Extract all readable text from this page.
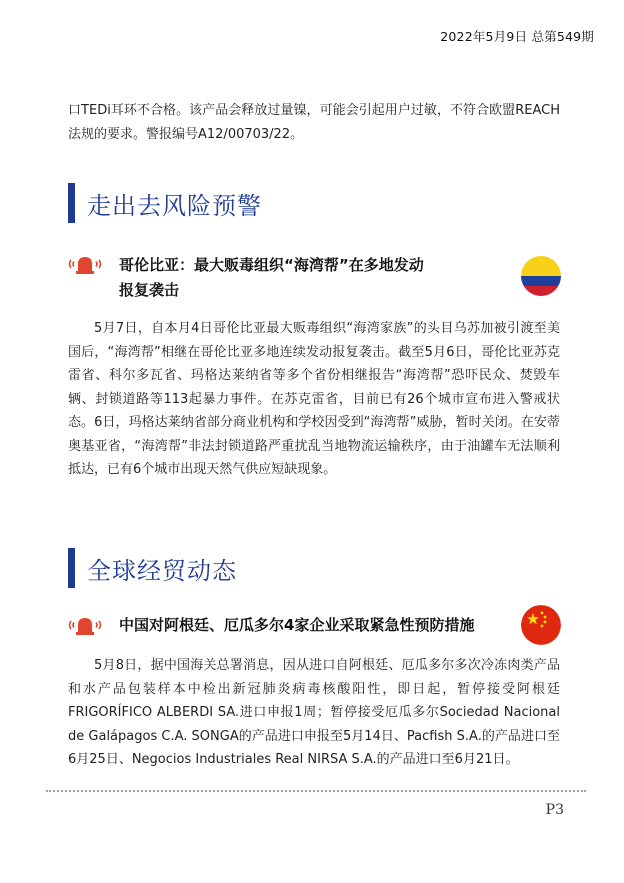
2022年5月9日 总第549期

口TEDi耳环不合格。该产品会释放过量镍，可能会引起用户过敏，不符合欧盟REACH法规的要求。警报编号A12/00703/22。

走出去风险预警

哥伦比亚：最大贩毒组织“海湾帮”在多地发动
报复袭击

5月7日，自本月4日哥伦比亚最大贩毒组织“海湾家族”的头目乌苏加被引渡至美国后，“海湾帮”相继在哥伦比亚多地连续发动报复袭击。截至5月6日，哥伦比亚苏克雷省、科尔多瓦省、玛格达莱纳省等多个省份相继报告“海湾帮”恐吓民众、焚毁车辆、封锁道路等113起暴力事件。在苏克雷省，目前已有26个城市宣布进入警戒状态。6日，玛格达莱纳省部分商业机构和学校因受到“海湾帮”威胁，暂时关闭。在安蒂奥基亚省，“海湾帮”非法封锁道路严重扰乱当地物流运输秩序，由于油罐车无法顺利抵达，已有6个城市出现天然气供应短缺现象。

全球经贸动态

中国对阿根廷、厄瓜多尔4家企业采取紧急性预防措施

5月8日，据中国海关总署消息，因从进口自阿根廷、厄瓜多尔多次冷冻肉类产品和水产品包装样本中检出新冠肺炎病毒核酸阳性，即日起，暂停接受阿根廷FRIGORÍFICO ALBERDI SA.进口申报1周；暂停接受厄瓜多尔Sociedad Nacional de Galápagos C.A. SONGA的产品进口申报至5月14日、Pacfish S.A.的产品进口至6月25日、Negocios Industriales Real NIRSA S.A.的产品进口至6月21日。

P3
